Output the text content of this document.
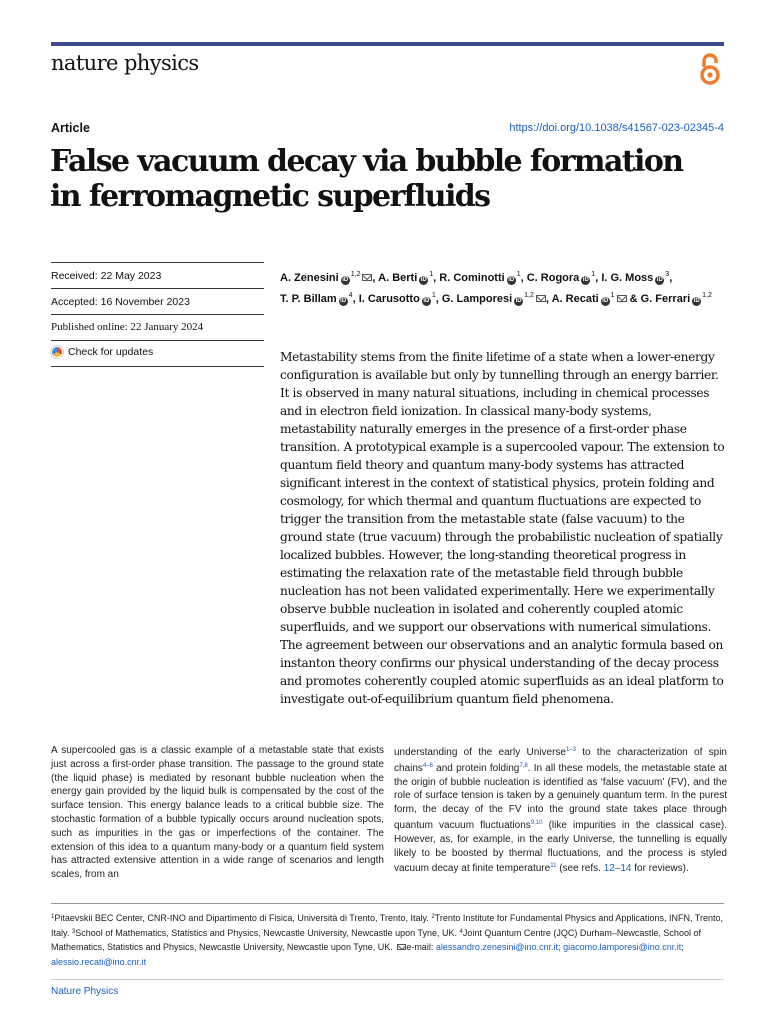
nature physics
Article	https://doi.org/10.1038/s41567-023-02345-4
False vacuum decay via bubble formation
in ferromagnetic superfluids
Received: 22 May 2023
Accepted: 16 November 2023
Published online: 22 January 2024
Check for updates
A. Zenesini iD$^{1,2}$ , A. Berti iD$^1$, R. Cominotti iD$^1$, C. Rogora iD$^1$, I. G. Moss iD$^3$, T. P. Billam iD$^4$, I. Carusotto iD$^1$, G. Lamporesi iD$^{1,2}$ , A. Recati iD$^1$ & G. Ferrari iD$^{1,2}$

Metastability stems from the finite lifetime of a state when a lower-energy configuration is available but only by tunnelling through an energy barrier. It is observed in many natural situations, including in chemical processes and in electron field ionization. In classical many-body systems, metastability naturally emerges in the presence of a first-order phase transition. A prototypical example is a supercooled vapour. The extension to quantum field theory and quantum many-body systems has attracted significant interest in the context of statistical physics, protein folding and cosmology, for which thermal and quantum fluctuations are expected to trigger the transition from the metastable state (false vacuum) to the ground state (true vacuum) through the probabilistic nucleation of spatially localized bubbles. However, the long-standing theoretical progress in estimating the relaxation rate of the metastable field through bubble nucleation has not been validated experimentally. Here we experimentally observe bubble nucleation in isolated and coherently coupled atomic superfluids, and we support our observations with numerical simulations. The agreement between our observations and an analytic formula based on instanton theory confirms our physical understanding of the decay process and promotes coherently coupled atomic superfluids as an ideal platform to investigate out-of-equilibrium quantum field phenomena.

A supercooled gas is a classic example of a metastable state that exists just across a first-order phase transition. The passage to the ground state (the liquid phase) is mediated by resonant bubble nucleation when the energy gain provided by the liquid bulk is compensated by the cost of the surface tension. This energy balance leads to a critical bubble size. The stochastic formation of a bubble typically occurs around nucleation spots, such as impurities in the gas or imperfections of the container. The extension of this idea to a quantum many-body or a quantum field system has attracted extensive attention in a wide range of scenarios and length scales, from an

understanding of the early Universe$^{1-3}$ to the characterization of spin chains$^{4-6}$ and protein folding$^{7,8}$. In all these models, the metastable state at the origin of bubble nucleation is identified as ‘false vacuum’ (FV), and the role of surface tension is taken by a genuinely quantum term. In the purest form, the decay of the FV into the ground state takes place through quantum vacuum fluctuations$^{9,10}$ (like impurities in the classical case). However, as, for example, in the early Universe, the tunnelling is equally likely to be boosted by thermal fluctuations, and the process is styled vacuum decay at finite temperature$^{11}$ (see refs. 12–14 for reviews).

$^1$Pitaevskii BEC Center, CNR-INO and Dipartimento di Fisica, Università di Trento, Trento, Italy. $^2$Trento Institute for Fundamental Physics and Applications, INFN, Trento, Italy. $^3$School of Mathematics, Statistics and Physics, Newcastle University, Newcastle upon Tyne, UK. $^4$Joint Quantum Centre (JQC) Durham–Newcastle, School of Mathematics, Statistics and Physics, Newcastle University, Newcastle upon Tyne, UK. e-mail: alessandro.zenesini@ino.cnr.it; giacomo.lamporesi@ino.cnr.it; alessio.recati@ino.cnr.it

Nature Physics
